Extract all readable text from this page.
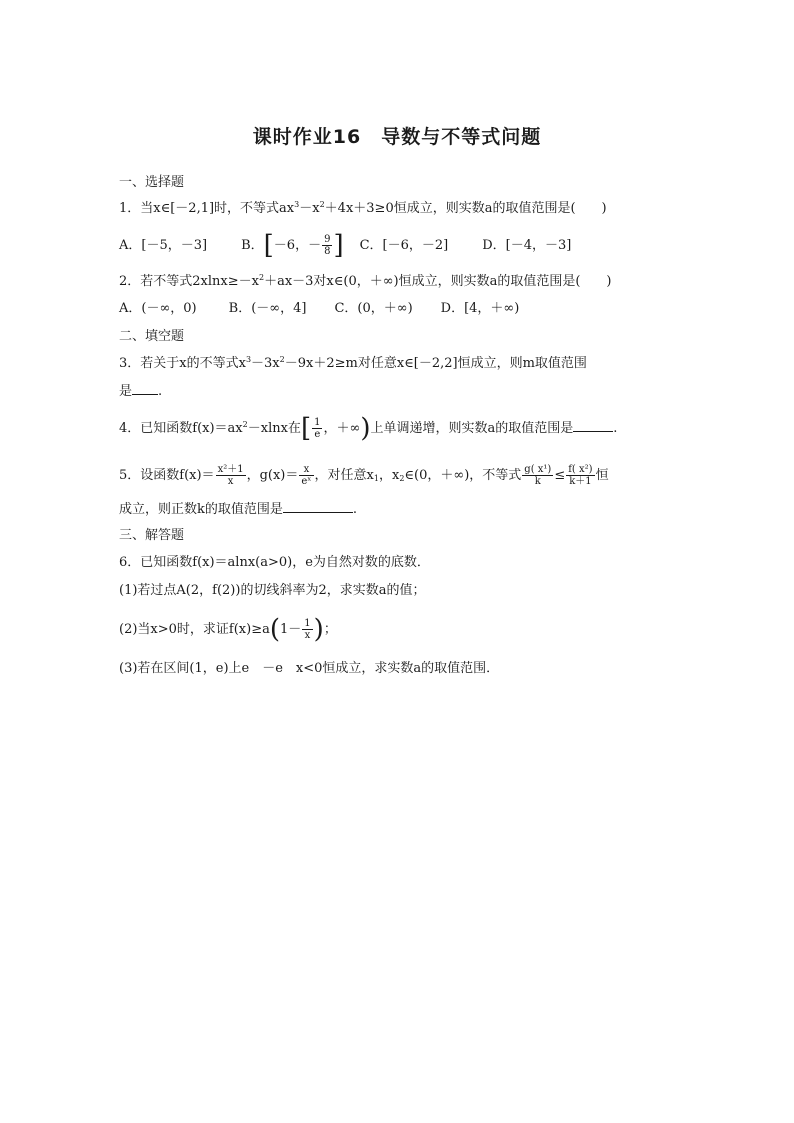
课时作业16　导数与不等式问题
一、选择题
1．当x∈[－2,1]时，不等式$ax^3-x^2+4x+3\ge 0$恒成立，则实数a的取值范围是(　　)
A．[－5，－3]	B．[－6，－ $\frac{9}{8}$ ] C．[－6，－2]	D．[－4，－3]
2．若不等式$2xlnx\ge-x^2+ax-3$对x∈(0，＋∞)恒成立，则实数a的取值范围是(　　)
A．(－∞，0) B．(－∞，4] C．(0，＋∞) D．[4，＋∞)
二、填空题
3．若关于x的不等式$x^3-3x^2-9x+2\ge m$对任意x∈[－2,2]恒成立，则m取值范围
是 .
4．已知函数$f(x)=ax^2-xlnx$在[ $\frac{1}{e}$ ，＋∞)上单调递增，则实数a的取值范围是	.
5．设函数$f(x)= \frac{\text{x²＋1}}{x}$ ，$g(x)= \frac{x}{\text{eˣ}}$ ，对任意$x_1$，$x_2\in(0$，＋∞)，不等式 $\frac{\text{g( x¹)}}{k} \le \frac{\text{f( x²)}}{k+1}$ 恒
成立，则正数k的取值范围是	.
三、解答题
6．已知函数f(x)＝alnx(a>0)，e为自然对数的底数．
(1)若过点A(2，f(2))的切线斜率为2，求实数a的值；
(2)当x>0时，求证$f(x)\ge a(1- \frac{1}{x}$ )；
(3)若在区间(1，e)上e　－e　x<0恒成立，求实数a的取值范围．
